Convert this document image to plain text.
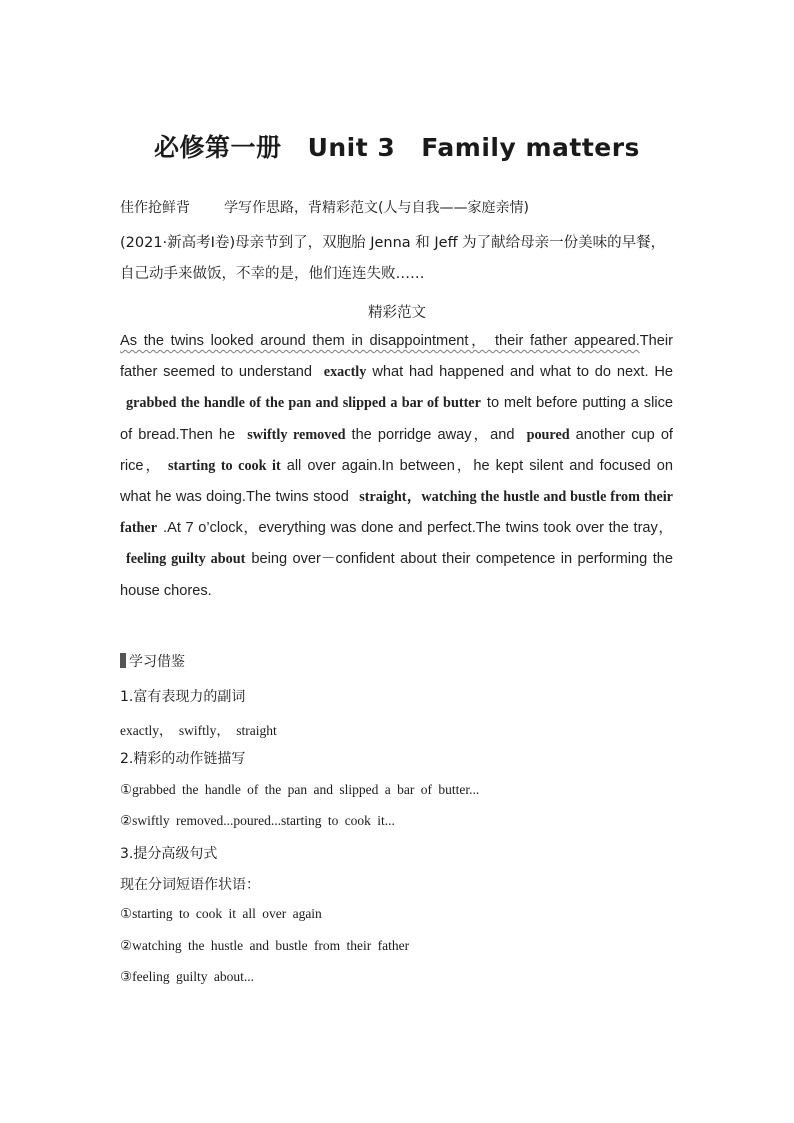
必修第一册 Unit 3 Family matters
佳作抢鲜背 学写作思路，背精彩范文(人与自我——家庭亲情)
(2021·新高考Ⅰ卷)母亲节到了，双胞胎 Jenna 和 Jeff 为了献给母亲一份美味的早餐，自己动手来做饭，不幸的是，他们连连失败……
精彩范文
As the twins looked around them in disappointment， their father appeared.Their father seemed to understand exactly what had happened and what to do next. He grabbed the handle of the pan and slipped a bar of butter to melt before putting a slice of bread.Then he swiftly removed the porridge away，and poured another cup of rice， starting to cook it all over again.In between，he kept silent and focused on what he was doing.The twins stood straight，watching the hustle and bustle from their father .At 7 o’clock，everything was done and perfect.The twins took over the tray，feeling guilty about being over－confident about their competence in performing the house chores.
学习借鉴
1.富有表现力的副词
exactly， swiftly， straight
2.精彩的动作链描写
①grabbed the handle of the pan and slipped a bar of butter...
②swiftly removed...poured...starting to cook it...
3.提分高级句式
现在分词短语作状语：
①starting to cook it all over again
②watching the hustle and bustle from their father
③feeling guilty about...
